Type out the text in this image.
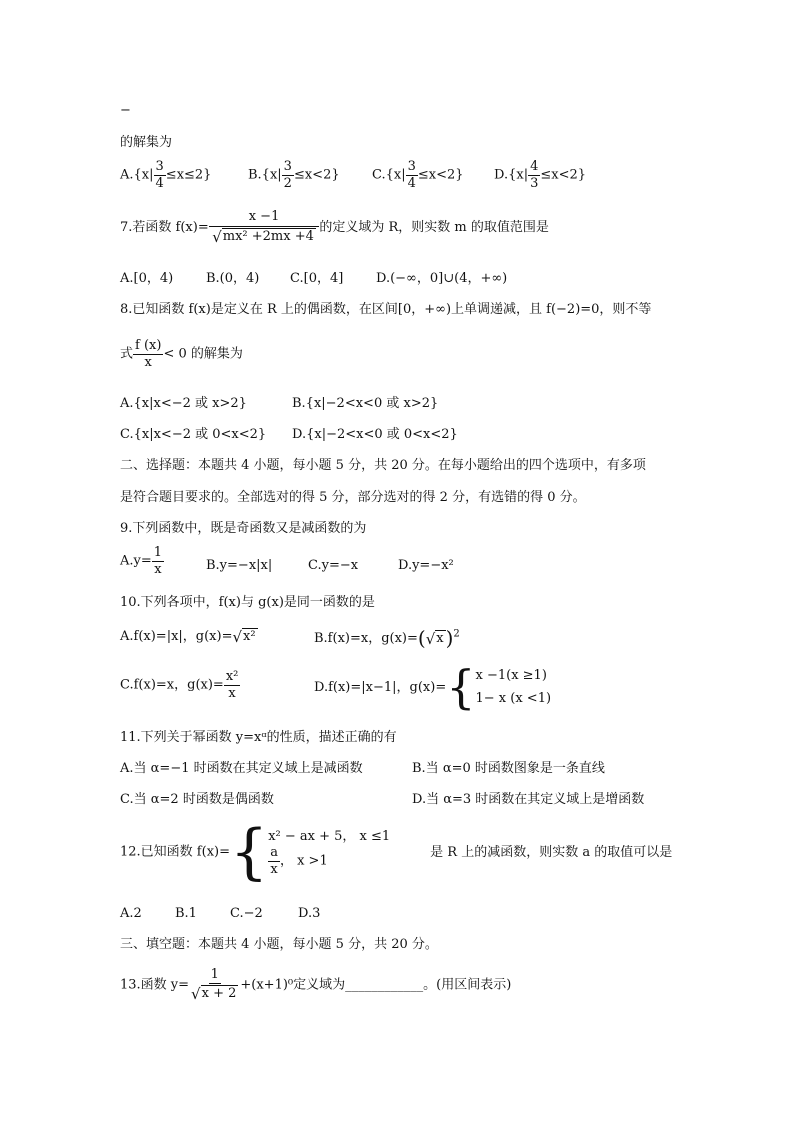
−
的解集为
$A.\{x| \frac{3}{4} \le x\le 2\}$	$B.\{x| \frac{3}{2} \le x<2\}$ $C.\{x| \frac{3}{4} \le x<2\}$ $D.\{x| \frac{4}{3} \le x<2\}$
7.若函数 $f(x)= \frac{x -1}{\text{√mx² +2mx +4}}$ 的定义域为 R，则实数 m 的取值范围是
A.[0，4)	B.(0，4) C.[0，4]	D.(−∞，0]∪(4，+∞)
8.已知函数 f(x)是定义在 R 上的偶函数，在区间[0，+∞)上单调递减，且 f(−2)=0，则不等
式 $\frac{f (x)}{x} < 0$ 的解集为
A.{x|x<−2 或 x>2}	B.{x|−2<x<0 或 x>2}
C.{x|x<−2 或 0<x<2} D.{x|−2<x<0 或 0<x<2}
二、选择题：本题共 4 小题，每小题 5 分，共 20 分。在每小题给出的四个选项中，有多项
是符合题目要求的。全部选对的得 5 分，部分选对的得 2 分，有选错的得 0 分。
9.下列函数中，既是奇函数又是减函数的为
$A.y= \frac{1}{x}$	B.y=−x|x|	C.y=−x	D.y=−x²
10.下列各项中，f(x)与 g(x)是同一函数的是
A.f(x)=|x|，g(x)=√x²	B.f(x)=x，g(x)=(√x )$^2$
C.f(x)=x，$g(x)= \frac{\text{x²}}{x}$	D.f(x)=|x−1|，g(x)={ x −1(x ≥1)
1− x (x <1)
11.下列关于幂函数 y=xᵅ的性质，描述正确的有
A.当 α=−1 时函数在其定义域上是减函数	B.当 α=0 时函数图象是一条直线
C.当 α=2 时函数是偶函数	D.当 α=3 时函数在其定义域上是增函数
12.已知函数 f(x)={ x² − ax + 5， x ≤1
$\frac{a}{x}$ ， x >1
是 R 上的减函数，则实数 a 的取值可以是
A.2	B.1	C.−2	D.3
三、填空题：本题共 4 小题，每小题 5 分，共 20 分。
13.函数 $y= \frac{1}{√x + 2} +(x+1)^0$定义域为____________。(用区间表示)
